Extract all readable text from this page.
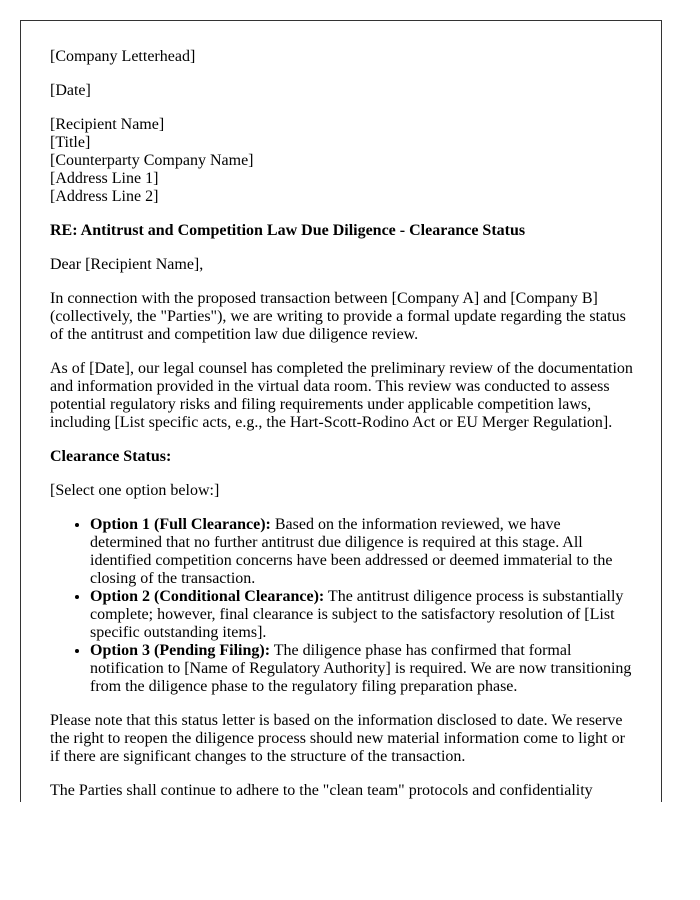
[Company Letterhead]

[Date]

[Recipient Name]

[Title]

[Counterparty Company Name]

[Address Line 1]

[Address Line 2]

RE: Antitrust and Competition Law Due Diligence - Clearance Status

Dear [Recipient Name],

In connection with the proposed transaction between [Company A] and [Company B] (collectively, the "Parties"), we are writing to provide a formal update regarding the status of the antitrust and competition law due diligence review.

As of [Date], our legal counsel has completed the preliminary review of the documentation and information provided in the virtual data room. This review was conducted to assess potential regulatory risks and filing requirements under applicable competition laws, including [List specific acts, e.g., the Hart-Scott-Rodino Act or EU Merger Regulation].

Clearance Status:

[Select one option below:]

• Option 1 (Full Clearance): Based on the information reviewed, we have determined that no further antitrust due diligence is required at this stage. All identified competition concerns have been addressed or deemed immaterial to the closing of the transaction.
• Option 2 (Conditional Clearance): The antitrust diligence process is substantially complete; however, final clearance is subject to the satisfactory resolution of [List specific outstanding items].
• Option 3 (Pending Filing): The diligence phase has confirmed that formal notification to [Name of Regulatory Authority] is required. We are now transitioning from the diligence phase to the regulatory filing preparation phase.

Please note that this status letter is based on the information disclosed to date. We reserve the right to reopen the diligence process should new material information come to light or if there are significant changes to the structure of the transaction.

The Parties shall continue to adhere to the "clean team" protocols and confidentiality
